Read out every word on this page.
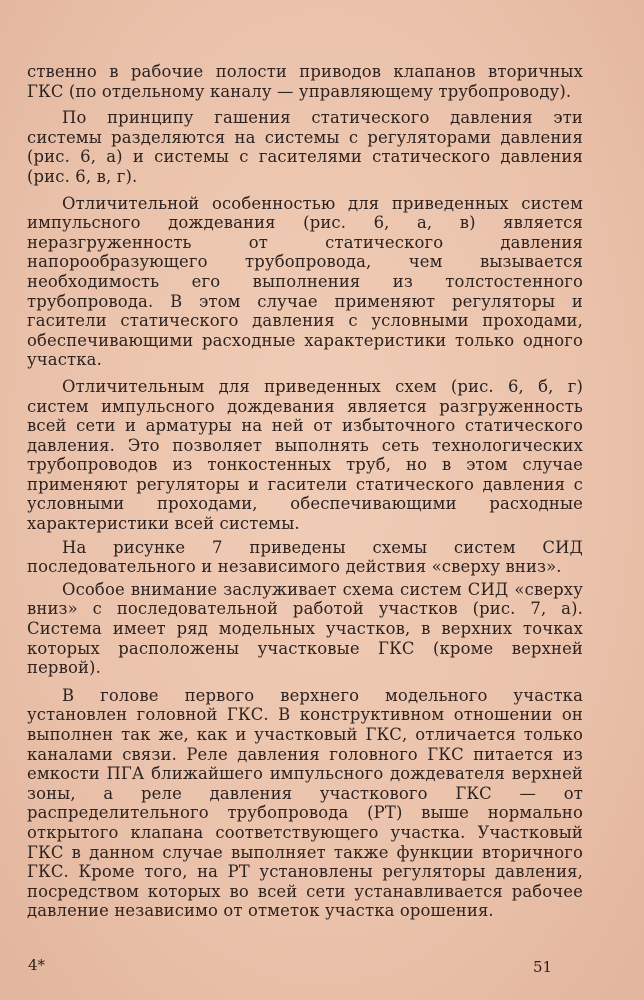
ственно в рабочие полости приводов клапанов вторичных ГКС (по отдельному каналу — управляющему трубопроводу).

По принципу гашения статического давления эти системы разделяются на системы с регуляторами давления (рис. 6, а) и системы с гасителями статического давления (рис. 6, в, г).

Отличительной особенностью для приведенных систем импульсного дождевания (рис. 6, а, в) является неразгруженность от статического давления напорообразующего трубопровода, чем вызывается необходимость его выполнения из толстостенного трубопровода. В этом случае применяют регуляторы и гасители статического давления с условными проходами, обеспечивающими расходные характеристики только одного участка.

Отличительным для приведенных схем (рис. 6, б, г) систем импульсного дождевания является разгруженность всей сети и арматуры на ней от избыточного статического давления. Это позволяет выполнять сеть технологических трубопроводов из тонкостенных труб, но в этом случае применяют регуляторы и гасители статического давления с условными проходами, обеспечивающими расходные характеристики всей системы.

На рисунке 7 приведены схемы систем СИД последовательного и независимого действия «сверху вниз».

Особое внимание заслуживает схема систем СИД «сверху вниз» с последовательной работой участков (рис. 7, а). Система имеет ряд модельных участков, в верхних точках которых расположены участковые ГКС (кроме верхней первой).

В голове первого верхнего модельного участка установлен головной ГКС. В конструктивном отношении он выполнен так же, как и участковый ГКС, отличается только каналами связи. Реле давления головного ГКС питается из емкости ПГА ближайшего импульсного дождевателя верхней зоны, а реле давления участкового ГКС — от распределительного трубопровода (РТ) выше нормально открытого клапана соответствующего участка. Участковый ГКС в данном случае выполняет также функции вторичного ГКС. Кроме того, на РТ установлены регуляторы давления, посредством которых во всей сети устанавливается рабочее давление независимо от отметок участка орошения.

4*	51
